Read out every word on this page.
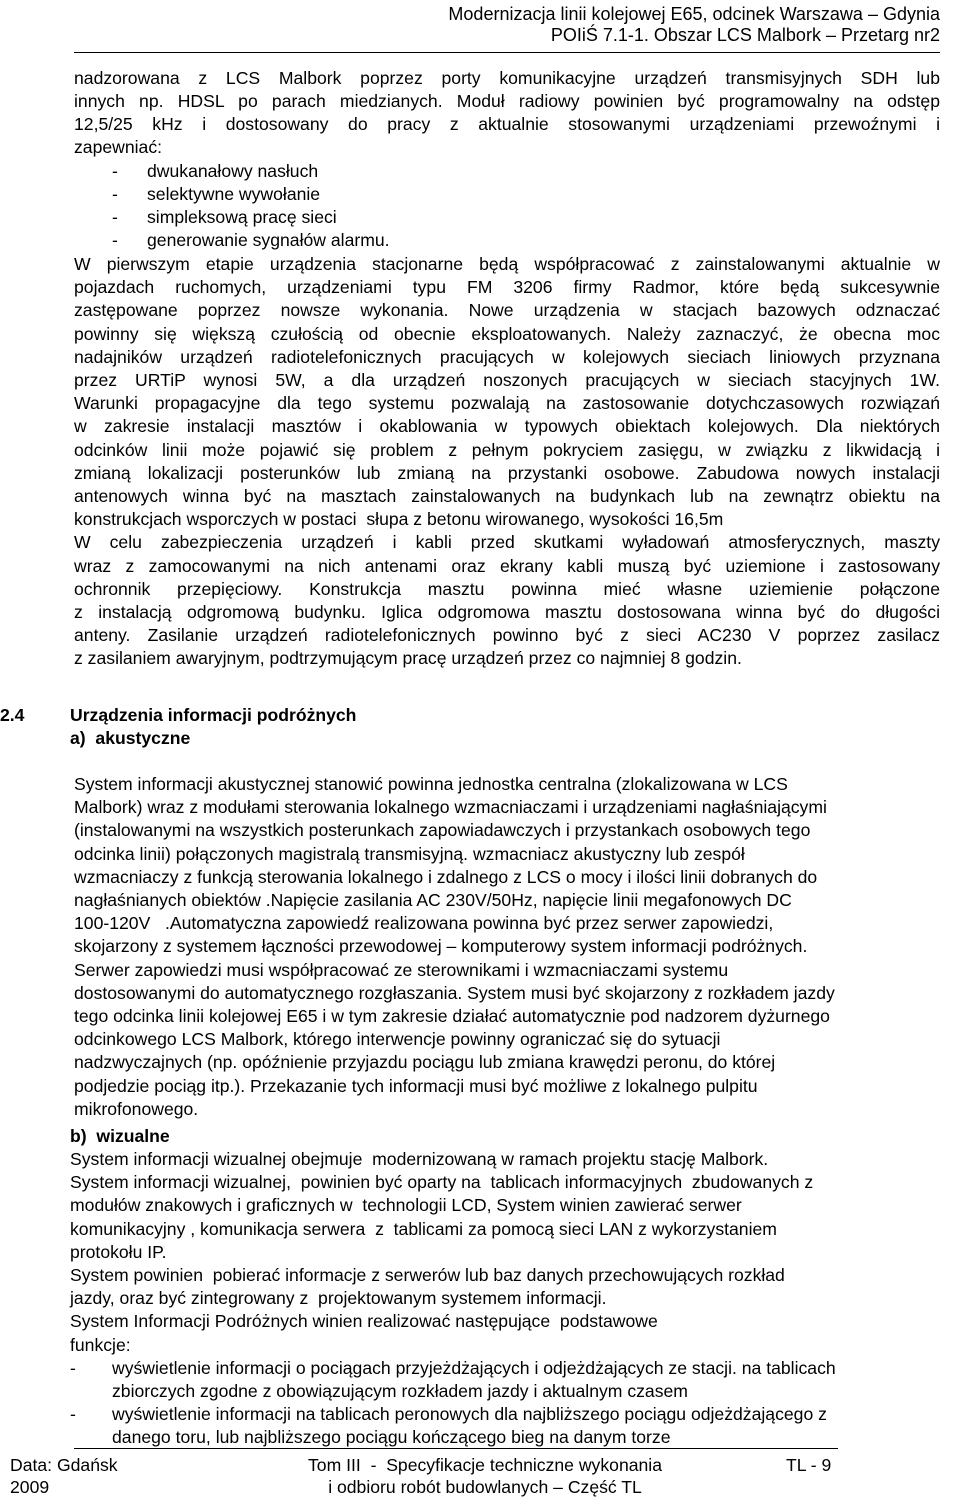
Modernizacja linii kolejowej E65, odcinek Warszawa – Gdynia
POIiŚ 7.1-1. Obszar LCS Malbork – Przetarg nr2
nadzorowana z LCS Malbork poprzez porty komunikacyjne urządzeń transmisyjnych SDH lub
innych np. HDSL po parach miedzianych. Moduł radiowy powinien być programowalny na odstęp
12,5/25 kHz i dostosowany do pracy z aktualnie stosowanymi urządzeniami przewoźnymi i
zapewniać:
- dwukanałowy nasłuch
- selektywne wywołanie
- simpleksową pracę sieci
- generowanie sygnałów alarmu.
W pierwszym etapie urządzenia stacjonarne będą współpracować z zainstalowanymi aktualnie w
pojazdach ruchomych, urządzeniami typu FM 3206 firmy Radmor, które będą sukcesywnie
zastępowane poprzez nowsze wykonania. Nowe urządzenia w stacjach bazowych odznaczać
powinny się większą czułością od obecnie eksploatowanych. Należy zaznaczyć, że obecna moc
nadajników urządzeń radiotelefonicznych pracujących w kolejowych sieciach liniowych przyznana
przez URTiP wynosi 5W, a dla urządzeń noszonych pracujących w sieciach stacyjnych 1W.
Warunki propagacyjne dla tego systemu pozwalają na zastosowanie dotychczasowych rozwiązań
w zakresie instalacji masztów i okablowania w typowych obiektach kolejowych. Dla niektórych
odcinków linii może pojawić się problem z pełnym pokryciem zasięgu, w związku z likwidacją i
zmianą lokalizacji posterunków lub zmianą na przystanki osobowe. Zabudowa nowych instalacji
antenowych winna być na masztach zainstalowanych na budynkach lub na zewnątrz obiektu na
konstrukcjach wsporczych w postaci  słupa z betonu wirowanego, wysokości 16,5m
W celu zabezpieczenia urządzeń i kabli przed skutkami wyładowań atmosferycznych, maszty
wraz z zamocowanymi na nich antenami oraz ekrany kabli muszą być uziemione i zastosowany
ochronnik przepięciowy. Konstrukcja masztu powinna mieć własne uziemienie połączone
z instalacją odgromową budynku. Iglica odgromowa masztu dostosowana winna być do długości
anteny. Zasilanie urządzeń radiotelefonicznych powinno być z sieci AC230 V poprzez zasilacz
z zasilaniem awaryjnym, podtrzymującym pracę urządzeń przez co najmniej 8 godzin.
2.4	Urządzenia informacji podróżnych
a)  akustyczne
System informacji akustycznej stanowić powinna jednostka centralna (zlokalizowana w LCS
Malbork) wraz z modułami sterowania lokalnego wzmacniaczami i urządzeniami nagłaśniającymi
(instalowanymi na wszystkich posterunkach zapowiadawczych i przystankach osobowych tego
odcinka linii) połączonych magistralą transmisyjną. wzmacniacz akustyczny lub zespół
wzmacniaczy z funkcją sterowania lokalnego i zdalnego z LCS o mocy i ilości linii dobranych do
nagłaśnianych obiektów .Napięcie zasilania AC 230V/50Hz, napięcie linii megafonowych DC
100-120V   .Automatyczna zapowiedź realizowana powinna być przez serwer zapowiedzi,
skojarzony z systemem łączności przewodowej – komputerowy system informacji podróżnych.
Serwer zapowiedzi musi współpracować ze sterownikami i wzmacniaczami systemu
dostosowanymi do automatycznego rozgłaszania. System musi być skojarzony z rozkładem jazdy
tego odcinka linii kolejowej E65 i w tym zakresie działać automatycznie pod nadzorem dyżurnego
odcinkowego LCS Malbork, którego interwencje powinny ograniczać się do sytuacji
nadzwyczajnych (np. opóźnienie przyjazdu pociągu lub zmiana krawędzi peronu, do której
podjedzie pociąg itp.). Przekazanie tych informacji musi być możliwe z lokalnego pulpitu
mikrofonowego.
b)  wizualne
System informacji wizualnej obejmuje  modernizowaną w ramach projektu stację Malbork.
System informacji wizualnej,  powinien być oparty na  tablicach informacyjnych  zbudowanych z
modułów znakowych i graficznych w  technologii LCD, System winien zawierać serwer
komunikacyjny , komunikacja serwera  z  tablicami za pomocą sieci LAN z wykorzystaniem
protokołu IP.
System powinien  pobierać informacje z serwerów lub baz danych przechowujących rozkład
jazdy, oraz być zintegrowany z  projektowanym systemem informacji.
System Informacji Podróżnych winien realizować następujące  podstawowe
funkcje:
- wyświetlenie informacji o pociągach przyjeżdżających i odjeżdżających ze stacji. na tablicach
zbiorczych zgodne z obowiązującym rozkładem jazdy i aktualnym czasem
- wyświetlenie informacji na tablicach peronowych dla najbliższego pociągu odjeżdżającego z
danego toru, lub najbliższego pociągu kończącego bieg na danym torze
Data: Gdańsk
2009
Tom III  -  Specyfikacje techniczne wykonania
i odbioru robót budowlanych – Część TL
TL - 9
